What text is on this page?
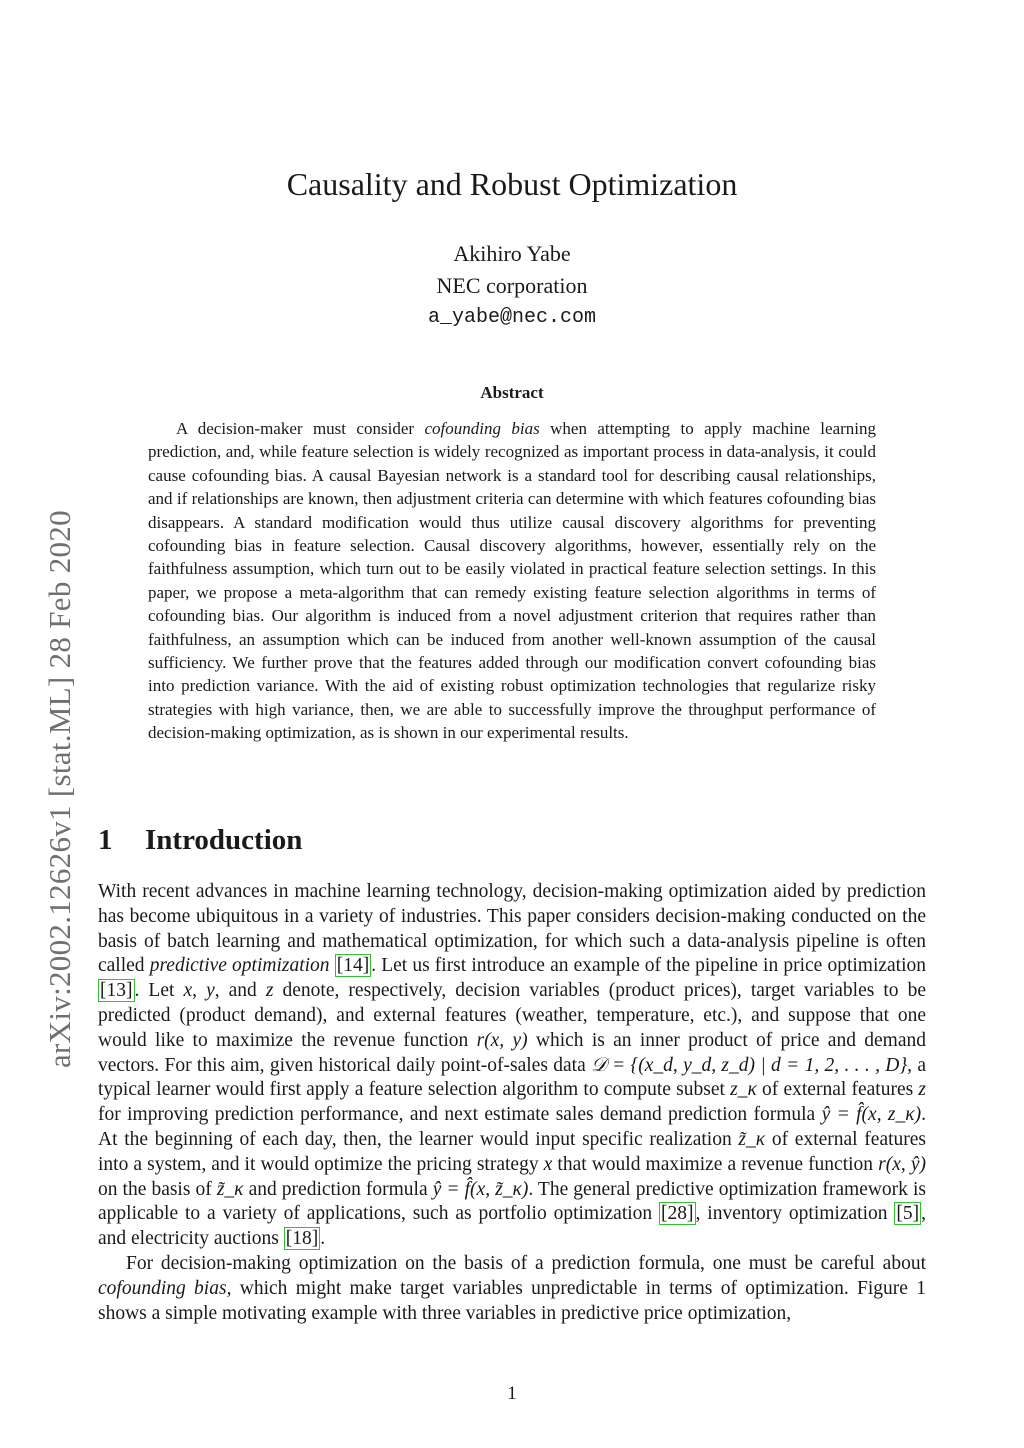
arXiv:2002.12626v1 [stat.ML] 28 Feb 2020
Causality and Robust Optimization
Akihiro Yabe
NEC corporation
a_yabe@nec.com
Abstract

A decision-maker must consider cofounding bias when attempting to apply machine learning prediction, and, while feature selection is widely recognized as important process in data-analysis, it could cause cofounding bias. A causal Bayesian network is a standard tool for describing causal relationships, and if relationships are known, then adjustment criteria can determine with which features cofounding bias disappears. A standard modification would thus utilize causal discovery algorithms for preventing cofounding bias in feature selection. Causal discovery algorithms, however, essentially rely on the faithfulness assumption, which turn out to be easily violated in practical feature selection settings. In this paper, we propose a meta-algorithm that can remedy existing feature selection algorithms in terms of cofounding bias. Our algorithm is induced from a novel adjustment criterion that requires rather than faithfulness, an assumption which can be induced from another well-known assumption of the causal sufficiency. We further prove that the features added through our modification convert cofounding bias into prediction variance. With the aid of existing robust optimization technologies that regularize risky strategies with high variance, then, we are able to successfully improve the throughput performance of decision-making optimization, as is shown in our experimental results.

1 Introduction

With recent advances in machine learning technology, decision-making optimization aided by prediction has become ubiquitous in a variety of industries. This paper considers decision-making conducted on the basis of batch learning and mathematical optimization, for which such a data-analysis pipeline is often called predictive optimization [14] . Let us first introduce an example of the pipeline in price optimization [13] . Let x, y, and z denote, respectively, decision variables (product prices), target variables to be predicted (product demand), and external features (weather, temperature, etc.), and suppose that one would like to maximize the revenue function r(x, y) which is an inner product of price and demand vectors. For this aim, given historical daily point-of-sales data 𝒟 = {(x_d, y_d, z_d) | d = 1, 2, . . . , D}, a typical learner would first apply a feature selection algorithm to compute subset z_κ of external features z for improving prediction performance, and next estimate sales demand prediction formula ŷ = f̂(x, z_κ). At the beginning of each day, then, the learner would input specific realization z̃_κ of external features into a system, and it would optimize the pricing strategy x that would maximize a revenue function r(x, ŷ) on the basis of z̃_κ and prediction formula ŷ = f̂(x, z̃_κ). The general predictive optimization framework is applicable to a variety of applications, such as portfolio optimization [28] , inventory optimization [5] , and electricity auctions [18] .

For decision-making optimization on the basis of a prediction formula, one must be careful about cofounding bias, which might make target variables unpredictable in terms of optimization. Figure 1 shows a simple motivating example with three variables in predictive price optimization,

1
